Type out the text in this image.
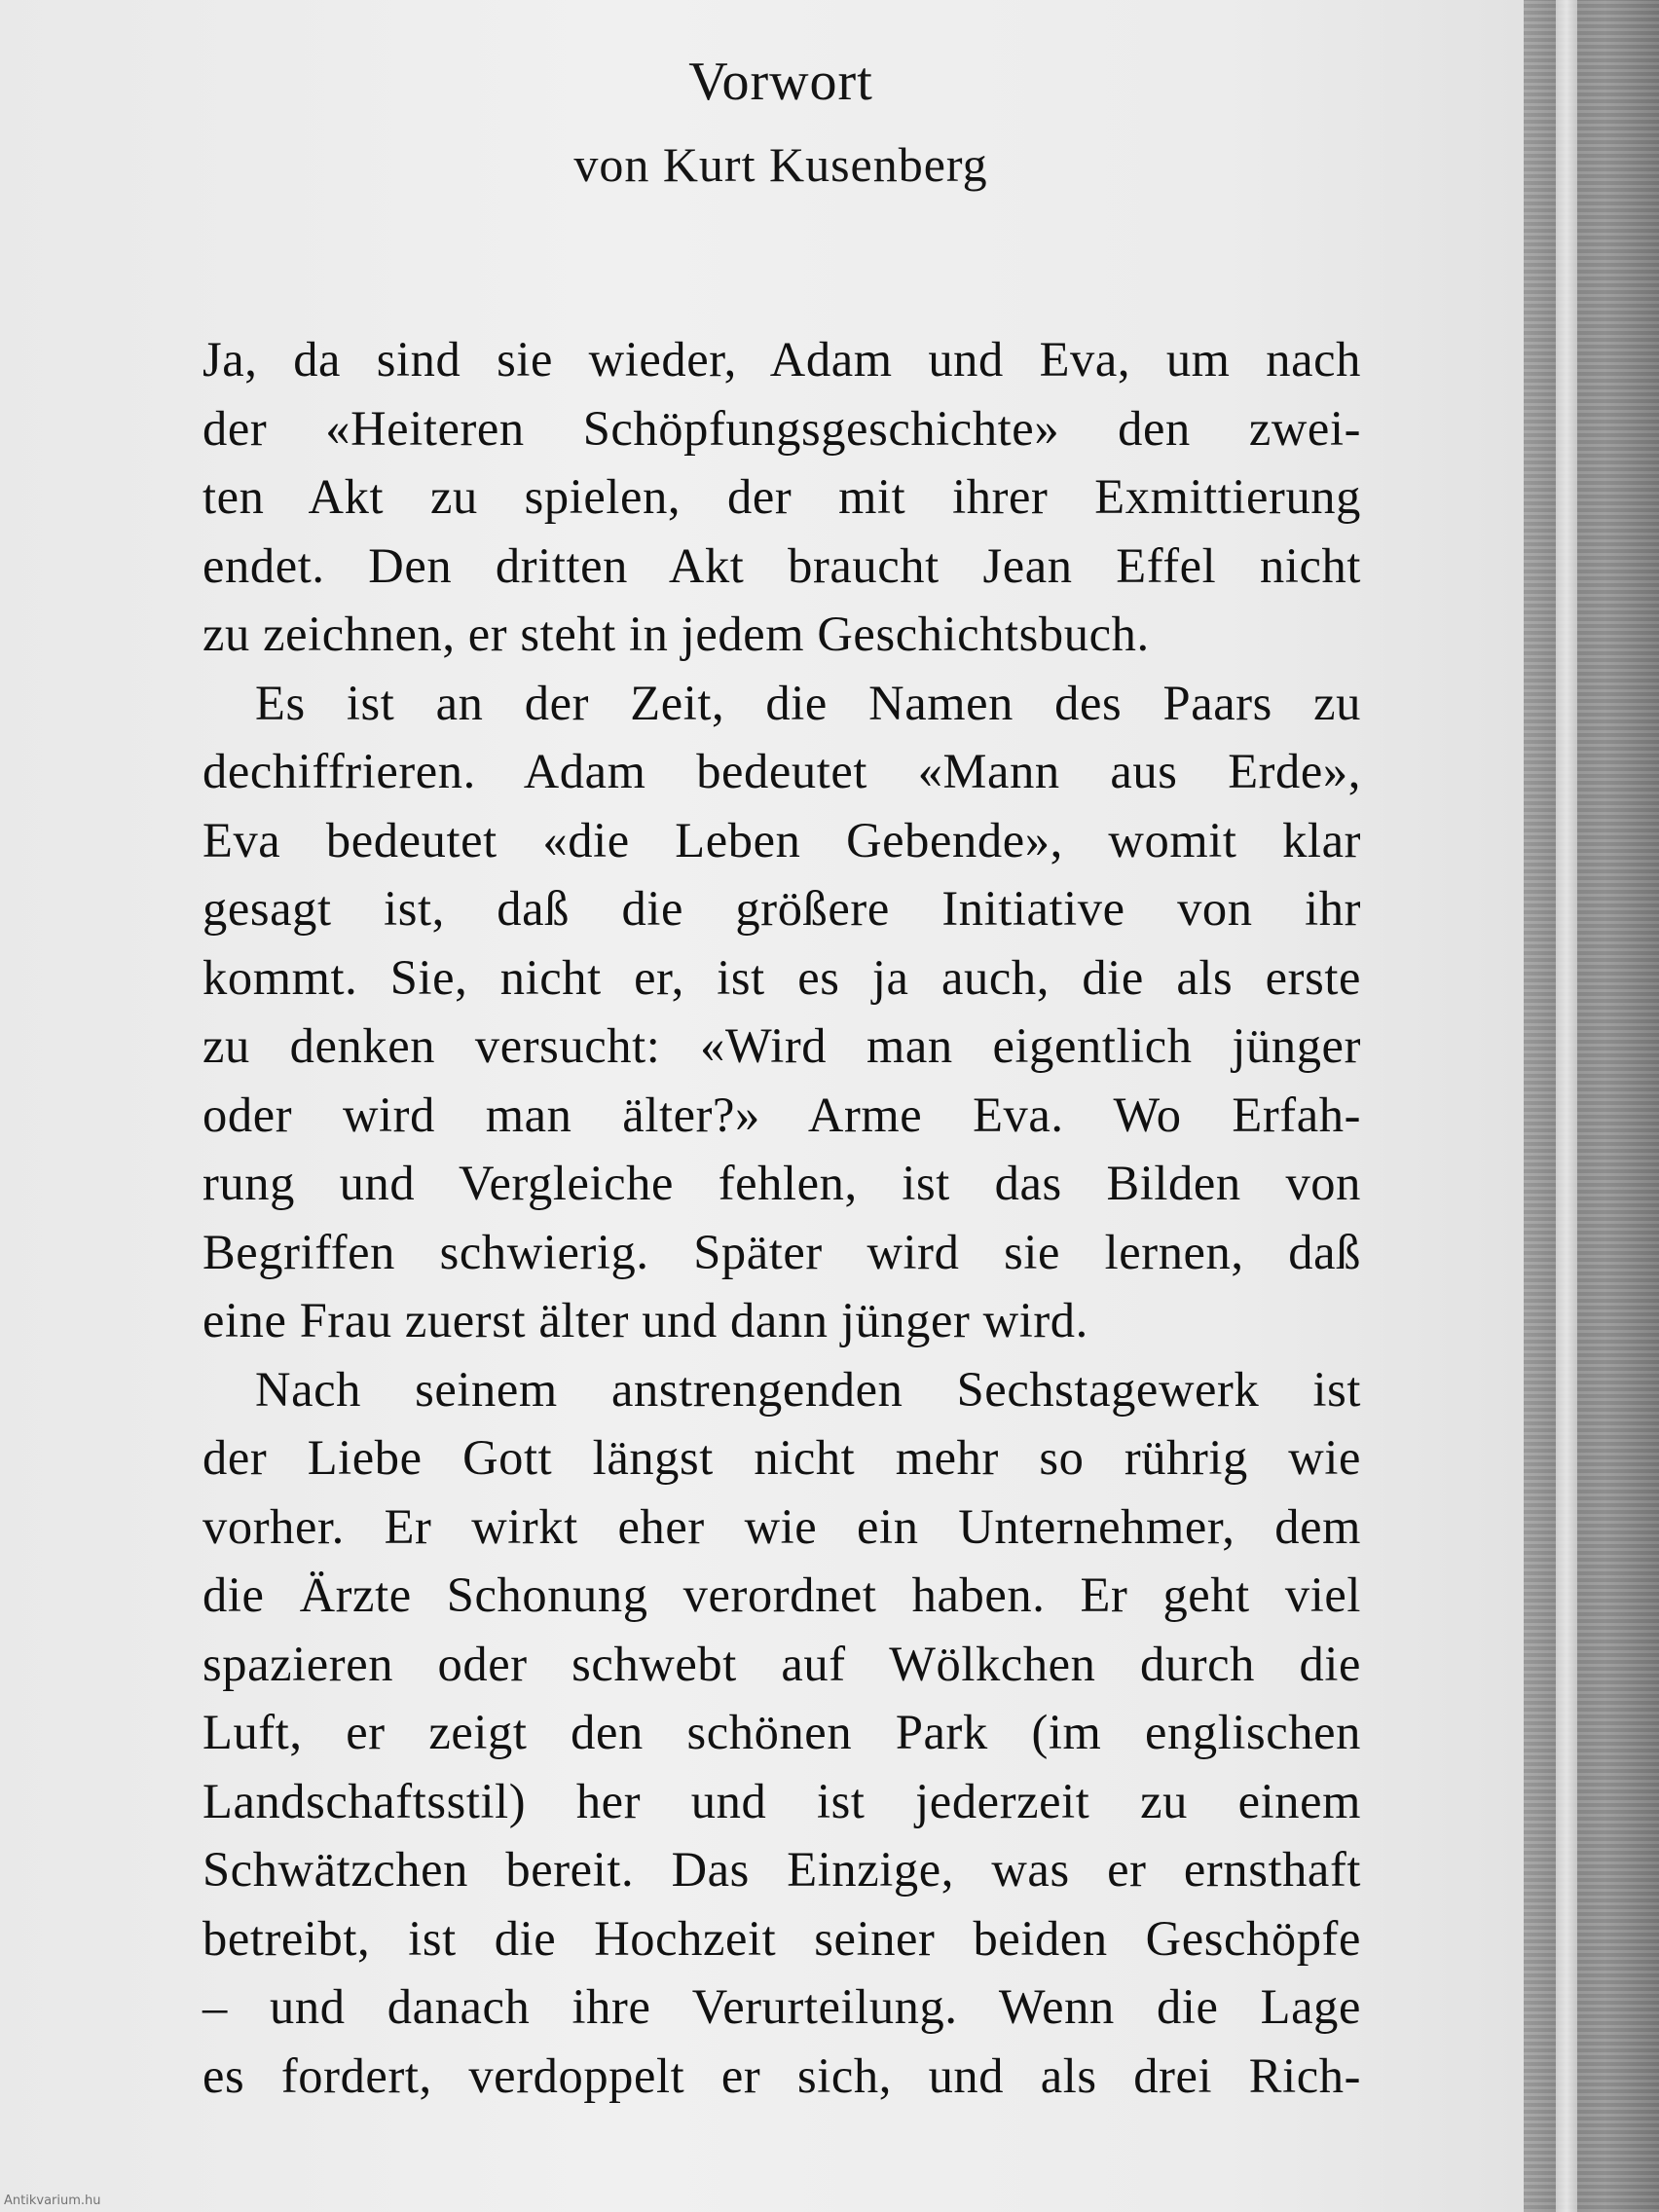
Vorwort
von Kurt Kusenberg

Ja, da sind sie wieder, Adam und Eva, um nach
der «Heiteren Schöpfungsgeschichte» den zwei-
ten Akt zu spielen, der mit ihrer Exmittierung
endet. Den dritten Akt braucht Jean Effel nicht
zu zeichnen, er steht in jedem Geschichtsbuch.

Es ist an der Zeit, die Namen des Paars zu
dechiffrieren. Adam bedeutet «Mann aus Erde»,
Eva bedeutet «die Leben Gebende», womit klar
gesagt ist, daß die größere Initiative von ihr
kommt. Sie, nicht er, ist es ja auch, die als erste
zu denken versucht: «Wird man eigentlich jünger
oder wird man älter?» Arme Eva. Wo Erfah-
rung und Vergleiche fehlen, ist das Bilden von
Begriffen schwierig. Später wird sie lernen, daß
eine Frau zuerst älter und dann jünger wird.

Nach seinem anstrengenden Sechstagewerk ist
der Liebe Gott längst nicht mehr so rührig wie
vorher. Er wirkt eher wie ein Unternehmer, dem
die Ärzte Schonung verordnet haben. Er geht viel
spazieren oder schwebt auf Wölkchen durch die
Luft, er zeigt den schönen Park (im englischen
Landschaftsstil) her und ist jederzeit zu einem
Schwätzchen bereit. Das Einzige, was er ernsthaft
betreibt, ist die Hochzeit seiner beiden Geschöpfe
– und danach ihre Verurteilung. Wenn die Lage
es fordert, verdoppelt er sich, und als drei Rich-

Antikvarium.hu
